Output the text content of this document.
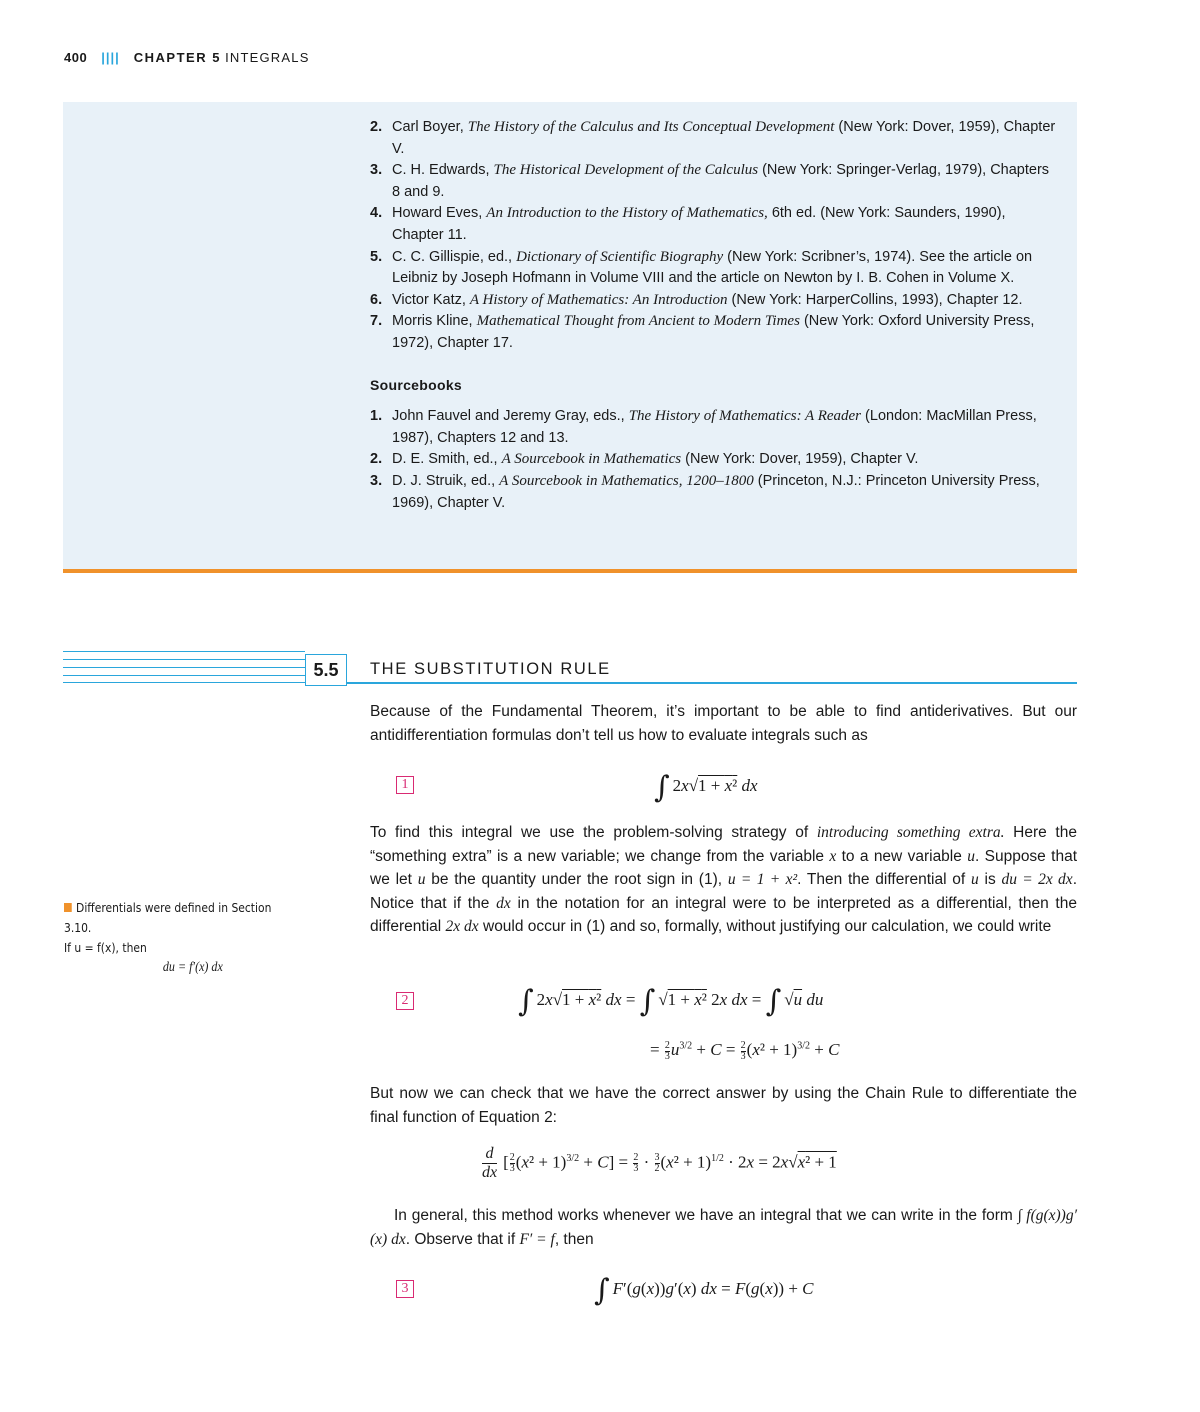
400 |||| CHAPTER 5 INTEGRALS
2. Carl Boyer, The History of the Calculus and Its Conceptual Development (New York: Dover, 1959), Chapter V.
3. C. H. Edwards, The Historical Development of the Calculus (New York: Springer-Verlag, 1979), Chapters 8 and 9.
4. Howard Eves, An Introduction to the History of Mathematics, 6th ed. (New York: Saunders, 1990), Chapter 11.
5. C. C. Gillispie, ed., Dictionary of Scientific Biography (New York: Scribner’s, 1974). See the article on Leibniz by Joseph Hofmann in Volume VIII and the article on Newton by I. B. Cohen in Volume X.
6. Victor Katz, A History of Mathematics: An Introduction (New York: HarperCollins, 1993), Chapter 12.
7. Morris Kline, Mathematical Thought from Ancient to Modern Times (New York: Oxford University Press, 1972), Chapter 17.
Sourcebooks
1. John Fauvel and Jeremy Gray, eds., The History of Mathematics: A Reader (London: MacMillan Press, 1987), Chapters 12 and 13.
2. D. E. Smith, ed., A Sourcebook in Mathematics (New York: Dover, 1959), Chapter V.
3. D. J. Struik, ed., A Sourcebook in Mathematics, 1200–1800 (Princeton, N.J.: Princeton University Press, 1969), Chapter V.
5.5	THE SUBSTITUTION RULE
Because of the Fundamental Theorem, it’s important to be able to find antiderivatives. But our antidifferentiation formulas don’t tell us how to evaluate integrals such as
1	∫ 2x√1 + x² dx
To find this integral we use the problem-solving strategy of introducing something extra. Here the “something extra” is a new variable; we change from the variable x to a new variable u. Suppose that we let u be the quantity under the root sign in (1), u = 1 + x². Then the differential of u is du = 2x dx. Notice that if the dx in the notation for an integral were to be interpreted as a differential, then the differential 2x dx would occur in (1) and so, formally, without justifying our calculation, we could write
2	∫ 2x√1 + x² dx = ∫ √1 + x² 2x dx = ∫ √u du
= $\frac{2}{3} u^{3/2} + C = \frac{2}{3} (x^2 + 1)^{3/2} + C$
But now we can check that we have the correct answer by using the Chain Rule to differentiate the final function of Equation 2:
$\frac{d}{dx}$ [ $\frac{2}{3} (x^2 + 1)^{3/2} + C] = \frac{2}{3} \cdot \frac{3}{2} (x^2 + 1)^{1/2} \cdot 2x = 2x√x^2 + 1$
In general, this method works whenever we have an integral that we can write in the form ∫ f(g(x))g′(x) dx. Observe that if F′ = f, then
3	∫ F′(g(x))g′(x) dx = F(g(x)) + C
Differentials were defined in Section 3.10.
If u = f(x), then
du = f′(x) dx
